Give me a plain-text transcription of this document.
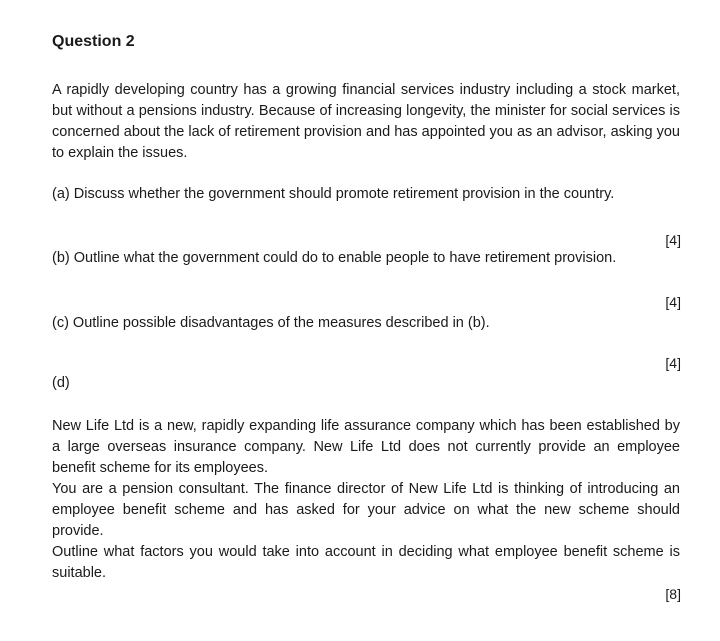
Question 2

A rapidly developing country has a growing financial services industry including a stock market, but without a pensions industry. Because of increasing longevity, the minister for social services is concerned about the lack of retirement provision and has appointed you as an advisor, asking you to explain the issues.

(a) Discuss whether the government should promote retirement provision in the country.

[4]

(b) Outline what the government could do to enable people to have retirement provision.

[4]

(c) Outline possible disadvantages of the measures described in (b).

[4]

(d)

New Life Ltd is a new, rapidly expanding life assurance company which has been established by a large overseas insurance company. New Life Ltd does not currently provide an employee benefit scheme for its employees.

You are a pension consultant. The finance director of New Life Ltd is thinking of introducing an employee benefit scheme and has asked for your advice on what the new scheme should provide.

Outline what factors you would take into account in deciding what employee benefit scheme is suitable.

[8]
